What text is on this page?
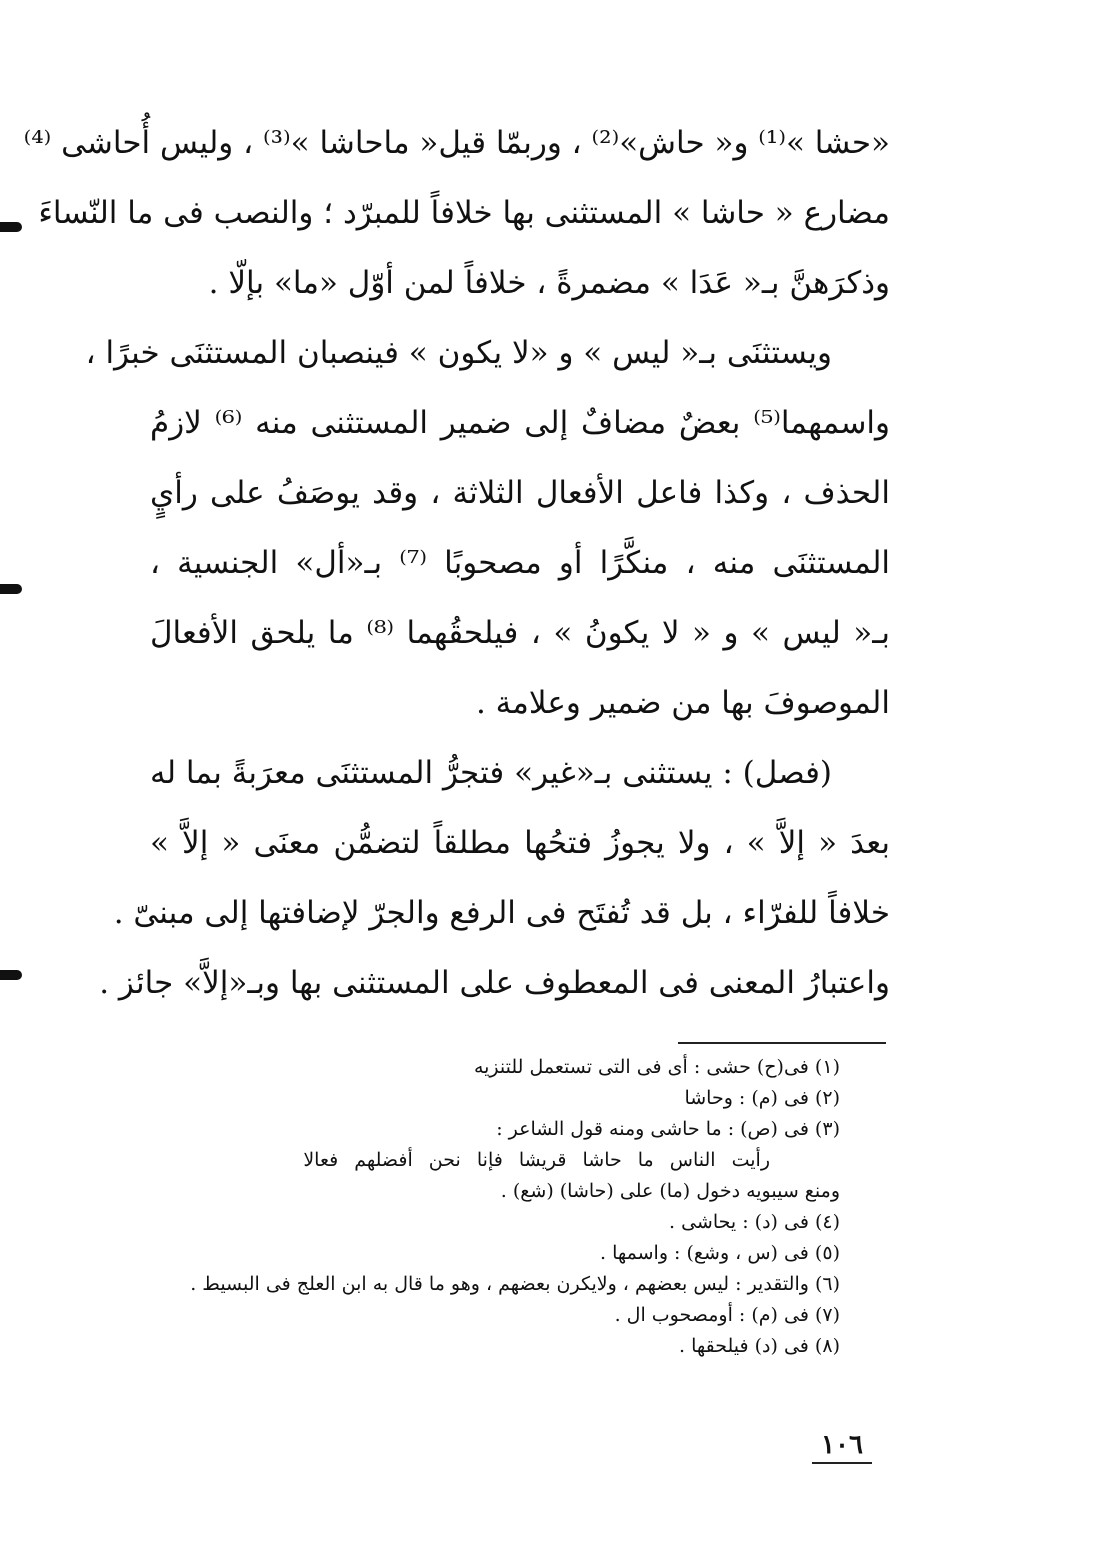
«حشا »⁽¹⁾ و« حاش»⁽²⁾ ، وربمّا قيل« ماحاشا »⁽³⁾ ، وليس أُحاشى ⁽⁴⁾
مضارع « حاشا » المستثنى بها خلافاً للمبرّد ؛ والنصب فى ما النّساءَ
وذكرَهنَّ بـ« عَدَا » مضمرةً ، خلافاً لمن أوّل «ما» بإلّا .
ويستثنَى بـ« ليس » و «لا يكون » فينصبان المستثنَى خبرًا ،
واسمهما⁽⁵⁾ بعضٌ مضافٌ إلى ضمير المستثنى منه ⁽⁶⁾ لازمُ
الحذف ، وكذا فاعل الأفعال الثلاثة ، وقد يوصَفُ على رأيٍ
المستثنَى منه ، منكَّرًا أو مصحوبًا ⁽⁷⁾ بـ«أل» الجنسية ،
بـ« ليس » و « لا يكونُ » ، فيلحقُهما ⁽⁸⁾ ما يلحق الأفعالَ
الموصوفَ بها من ضمير وعلامة .
(فصل) : يستثنى بـ«غير» فتجرُّ المستثنَى معرَبةً بما له
بعدَ « إلاَّ » ، ولا يجوزُ فتحُها مطلقاً لتضمُّن معنَى « إلاَّ »
خلافاً للفرّاء ، بل قد تُفتَح فى الرفع والجرّ لإضافتها إلى مبنىّ .
واعتبارُ المعنى فى المعطوف على المستثنى بها وبـ«إلاَّ» جائز .
(١) فى(ح) حشى : أى فى التى تستعمل للتنزيه
(٢) فى (م) : وحاشا
(٣) فى (ص) : ما حاشى ومنه قول الشاعر :
رأيت الناس ما حاشا قريشا فإنا نحن أفضلهم فعالا
ومنع سيبويه دخول (ما) على (حاشا) (شع) .
(٤) فى (د) : يحاشى .
(٥) فى (س ، وشع) : واسمها .
(٦) والتقدير : ليس بعضهم ، ولايكرن بعضهم ، وهو ما قال به ابن العلج فى البسيط .
(٧) فى (م) : أومصحوب ال .
(٨) فى (د) فيلحقها .
١٠٦
